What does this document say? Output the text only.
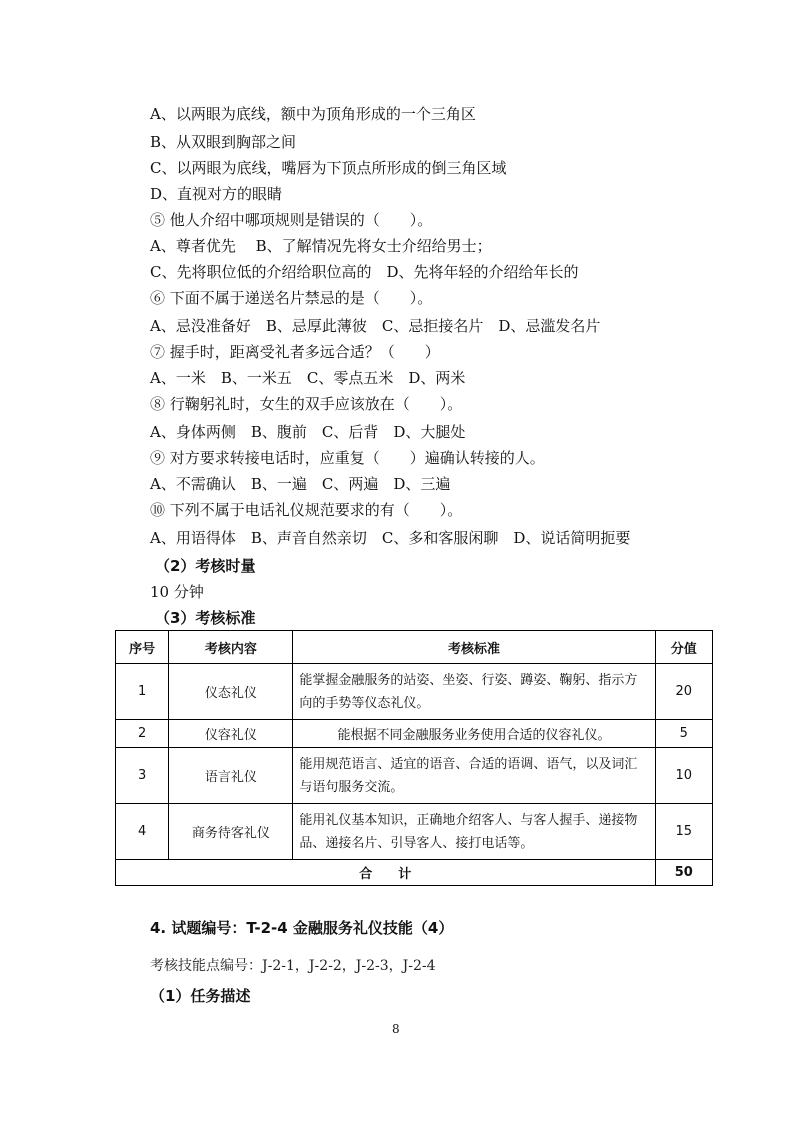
A、以两眼为底线，额中为顶角形成的一个三角区
B、从双眼到胸部之间
C、以两眼为底线，嘴唇为下顶点所形成的倒三角区域
D、直视对方的眼睛
⑤ 他人介绍中哪项规则是错误的（　　）。
A、尊者优先　 B、了解情况先将女士介绍给男士；
C、先将职位低的介绍给职位高的　D、先将年轻的介绍给年长的
⑥ 下面不属于递送名片禁忌的是（　　）。
A、忌没准备好　B、忌厚此薄彼　C、忌拒接名片　D、忌滥发名片
⑦ 握手时，距离受礼者多远合适？（　　）
A、一米　B、一米五　C、零点五米　D、两米
⑧ 行鞠躬礼时，女生的双手应该放在（　　）。
A、身体两侧　B、腹前　C、后背　D、大腿处
⑨ 对方要求转接电话时，应重复（　　）遍确认转接的人。
A、不需确认　B、一遍　C、两遍　D、三遍
⑩ 下列不属于电话礼仪规范要求的有（　　）。
A、用语得体　B、声音自然亲切　C、多和客服闲聊　D、说话简明扼要
（2）考核时量
10 分钟
（3）考核标准
序号	考核内容	考核标准	分值
1	仪态礼仪	能掌握金融服务的站姿、坐姿、行姿、蹲姿、鞠躬、指示方向的手势等仪态礼仪。	20
2	仪容礼仪	能根据不同金融服务业务使用合适的仪容礼仪。	5
3	语言礼仪	能用规范语言、适宜的语音、合适的语调、语气，以及词汇与语句服务交流。	10
4	商务待客礼仪	能用礼仪基本知识，正确地介绍客人、与客人握手、递接物品、递接名片、引导客人、接打电话等。	15
合　　计			50
4. 试题编号：T-2-4 金融服务礼仪技能（4）
考核技能点编号：J-2-1，J-2-2，J-2-3，J-2-4
（1）任务描述
8
